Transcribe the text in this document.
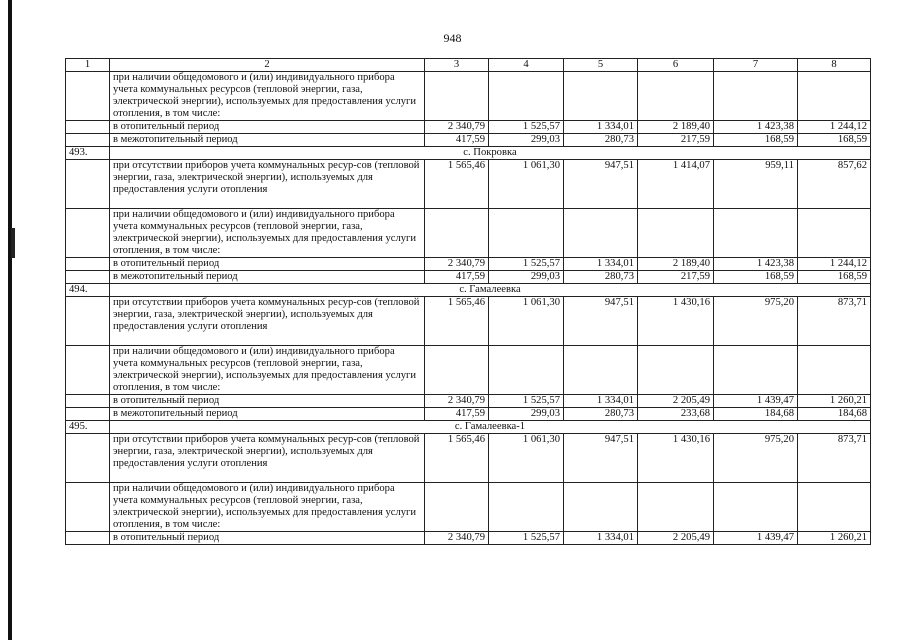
948
1	2	3	4	5	6	7	8
	при наличии общедомового и (или) индивидуального прибора учета коммунальных ресурсов (тепловой энергии, газа, электрической энергии), используемых для предоставления услуги отопления, в том числе:						
	в отопительный период	2 340,79	1 525,57	1 334,01	2 189,40	1 423,38	1 244,12
	в межотопительный период	417,59	299,03	280,73	217,59	168,59	168,59
493.	с. Покровка						
	при отсутствии приборов учета коммунальных ресур-сов (тепловой энергии, газа, электрической энергии), используемых для предоставления услуги отопления	1 565,46	1 061,30	947,51	1 414,07	959,11	857,62
	при наличии общедомового и (или) индивидуального прибора учета коммунальных ресурсов (тепловой энергии, газа, электрической энергии), используемых для предоставления услуги отопления, в том числе:						
	в отопительный период	2 340,79	1 525,57	1 334,01	2 189,40	1 423,38	1 244,12
	в межотопительный период	417,59	299,03	280,73	217,59	168,59	168,59
494.	с. Гамалеевка						
	при отсутствии приборов учета коммунальных ресур-сов (тепловой энергии, газа, электрической энергии), используемых для предоставления услуги отопления	1 565,46	1 061,30	947,51	1 430,16	975,20	873,71
	при наличии общедомового и (или) индивидуального прибора учета коммунальных ресурсов (тепловой энергии, газа, электрической энергии), используемых для предоставления услуги отопления, в том числе:						
	в отопительный период	2 340,79	1 525,57	1 334,01	2 205,49	1 439,47	1 260,21
	в межотопительный период	417,59	299,03	280,73	233,68	184,68	184,68
495.	с. Гамалеевка-1						
	при отсутствии приборов учета коммунальных ресур-сов (тепловой энергии, газа, электрической энергии), используемых для предоставления услуги отопления	1 565,46	1 061,30	947,51	1 430,16	975,20	873,71
	при наличии общедомового и (или) индивидуального прибора учета коммунальных ресурсов (тепловой энергии, газа, электрической энергии), используемых для предоставления услуги отопления, в том числе:						
	в отопительный период	2 340,79	1 525,57	1 334,01	2 205,49	1 439,47	1 260,21
